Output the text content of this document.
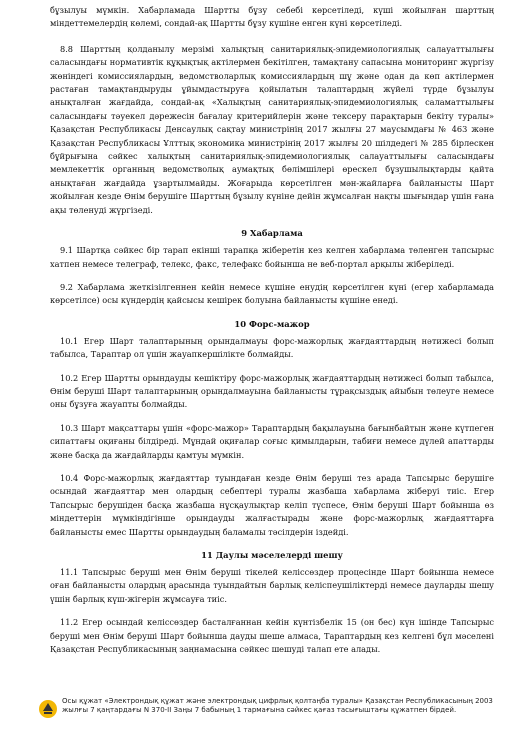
бұзылуы мүмкін. Хабарламада Шартты бұзу себебі көрсетіледі, күші жойылған шарттың міндеттемелердің көлемі, сондай-ақ Шартты бұзу күшіне енген күні көрсетіледі.

8.8 Шарттың қолданылу мерзімі халықтың санитариялық-эпидемиологиялық салауаттылығы саласындағы нормативтік құқықтық актілермен бекітілген, тамақтану сапасына мониторинг жүргізу жөніндегі комиссиялардың, ведомстволарлық комиссиялардың шұ және одан да көп актілермен растаған тамақтандыруды ұйымдастыруға қойылатын талаптардың жүйелі түрде бұзылуы анықталған жағдайда, сондай-ақ «Халықтың санитариялық-эпидемиологиялық саламаттылығы саласындағы тәуекел дәрежесін бағалау критерийлерін және тексеру парақтарын бекіту туралы» Қазақстан Республикасы Денсаулық сақтау министрінің 2017 жылғы 27 маусымдағы № 463 және Қазақстан Республикасы Ұлттық экономика министрінің 2017 жылғы 20 шілдедегі № 285 бірлескен бұйрығына сәйкес халықтың санитариялық-эпидемиологиялық салауаттылығы саласындағы мемлекеттік органның ведомстволық аумақтық бөлімшілері өрескел бұзушылықтарды қайта анықтаған жағдайда ұзартылмайды. Жоғарыда көрсетілген мән-жайларға байланысты Шарт жойылған кезде Өнім берушіге Шарттың бұзылу күніне дейін жұмсалған нақты шығындар үшін ғана ақы төленуді жүргізеді.

9 Хабарлама

9.1 Шартқа сәйкес бір тарап екінші тарапқа жіберетін кез келген хабарлама төленген тапсырыс хатпен немесе телеграф, телекс, факс, телефакс бойынша не веб-портал арқылы жіберіледі.

9.2 Хабарлама жеткізілгеннен кейін немесе күшіне енудің көрсетілген күні (егер хабарламада көрсетілсе) осы күндердің қайсысы кешірек болуына байланысты күшіне енеді.

10 Форс-мажор

10.1 Егер Шарт талаптарының орындалмауы форс-мажорлық жағдаяттардың нәтижесі болып табылса, Тараптар ол үшін жауапкершілікте болмайды.

10.2 Егер Шартты орындауды кешіктіру форс-мажорлық жағдаяттардың нәтижесі болып табылса, Өнім беруші Шарт талаптарының орындалмауына байланысты тұрақсыздық айыбын төлеуге немесе оны бұзуға жауапты болмайды.

10.3 Шарт мақсаттары үшін «форс-мажор» Тараптардың бақылауына бағынбайтын және күтпеген сипаттағы оқиғаны білдіреді. Мұндай оқиғалар соғыс қимылдарын, табиғи немесе дүлей апаттарды және басқа да жағдайларды қамтуы мүмкін.

10.4 Форс-мажорлық жағдаяттар туындаған кезде Өнім беруші тез арада Тапсырыс берушіге осындай жағдаяттар мен олардың себептері туралы жазбаша хабарлама жіберуі тиіс. Егер Тапсырыс берушіден басқа жазбаша нұсқаулықтар келіп түспесе, Өнім беруші Шарт бойынша өз міндеттерін мүмкіндігінше орындауды жалғастырады және форс-мажорлық жағдаяттарға байланысты емес Шартты орындаудың баламалы тәсілдерін іздейді.

11 Даулы мәселелерді шешу

11.1 Тапсырыс беруші мен Өнім беруші тікелей келіссөздер процесінде Шарт бойынша немесе оған байланысты олардың арасында туындайтын барлық келіспеушіліктерді немесе дауларды шешу үшін барлық күш-жігерін жұмсауға тиіс.

11.2 Егер осындай келіссөздер басталғаннан кейін күнтізбелік 15 (он бес) күн ішінде Тапсырыс беруші мен Өнім беруші Шарт бойынша дауды шеше алмаса, Тараптардың кез келгені бұл мәселені Қазақстан Республикасының заңнамасына сәйкес шешуді талап ете алады.

Осы құжат «Электрондық құжат және электрондық цифрлық қолтаңба туралы» Қазақстан Республикасының 2003 жылғы 7 қаңтардағы N 370-II Заңы 7 бабының 1 тармағына сәйкес қағаз тасығыштағы құжатпен бірдей.
